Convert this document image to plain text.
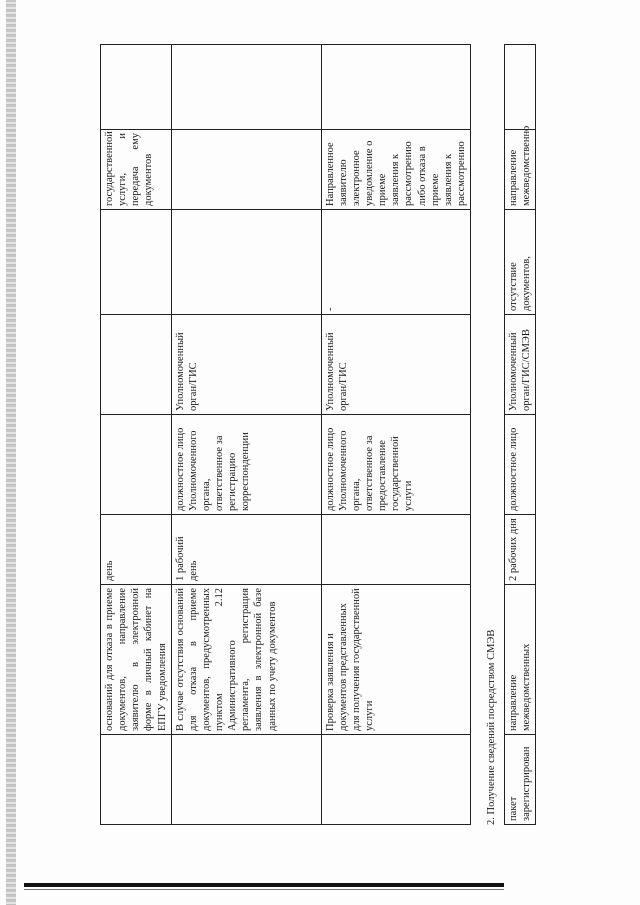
	оснований для отказа в приеме документов, направление заявителю в электронной форме в личный кабинет на ЕПГУ уведомления	день				государственной услуги, и передача ему документов	
	В случае отсутствия оснований для отказа в приеме документов, предусмотренных пунктом 2.12 Административного регламента, регистрация заявления в электронной базе данных по учету документов	1 рабочий день	должностное лицо Уполномоченного органа, ответственное за регистрацию корреспонденции	Уполномоченный орган/ГИС			
	Проверка заявления и документов представленных для получения государственной услуги		должностное лицо Уполномоченного органа, ответственное за предоставление государственной услуги	Уполномоченный орган/ГИС	-	Направленное заявителю электронное уведомление о приеме заявления к рассмотрению либо отказа в приеме заявления к рассмотрению	
2. Получение сведений посредством СМЭВ пакет зарегистрирован	направление межведомственных	2 рабочих дня	должностное лицо	Уполномоченный орган/ГИС/СМЭВ	отсутствие документов,	направление межведомственно	
